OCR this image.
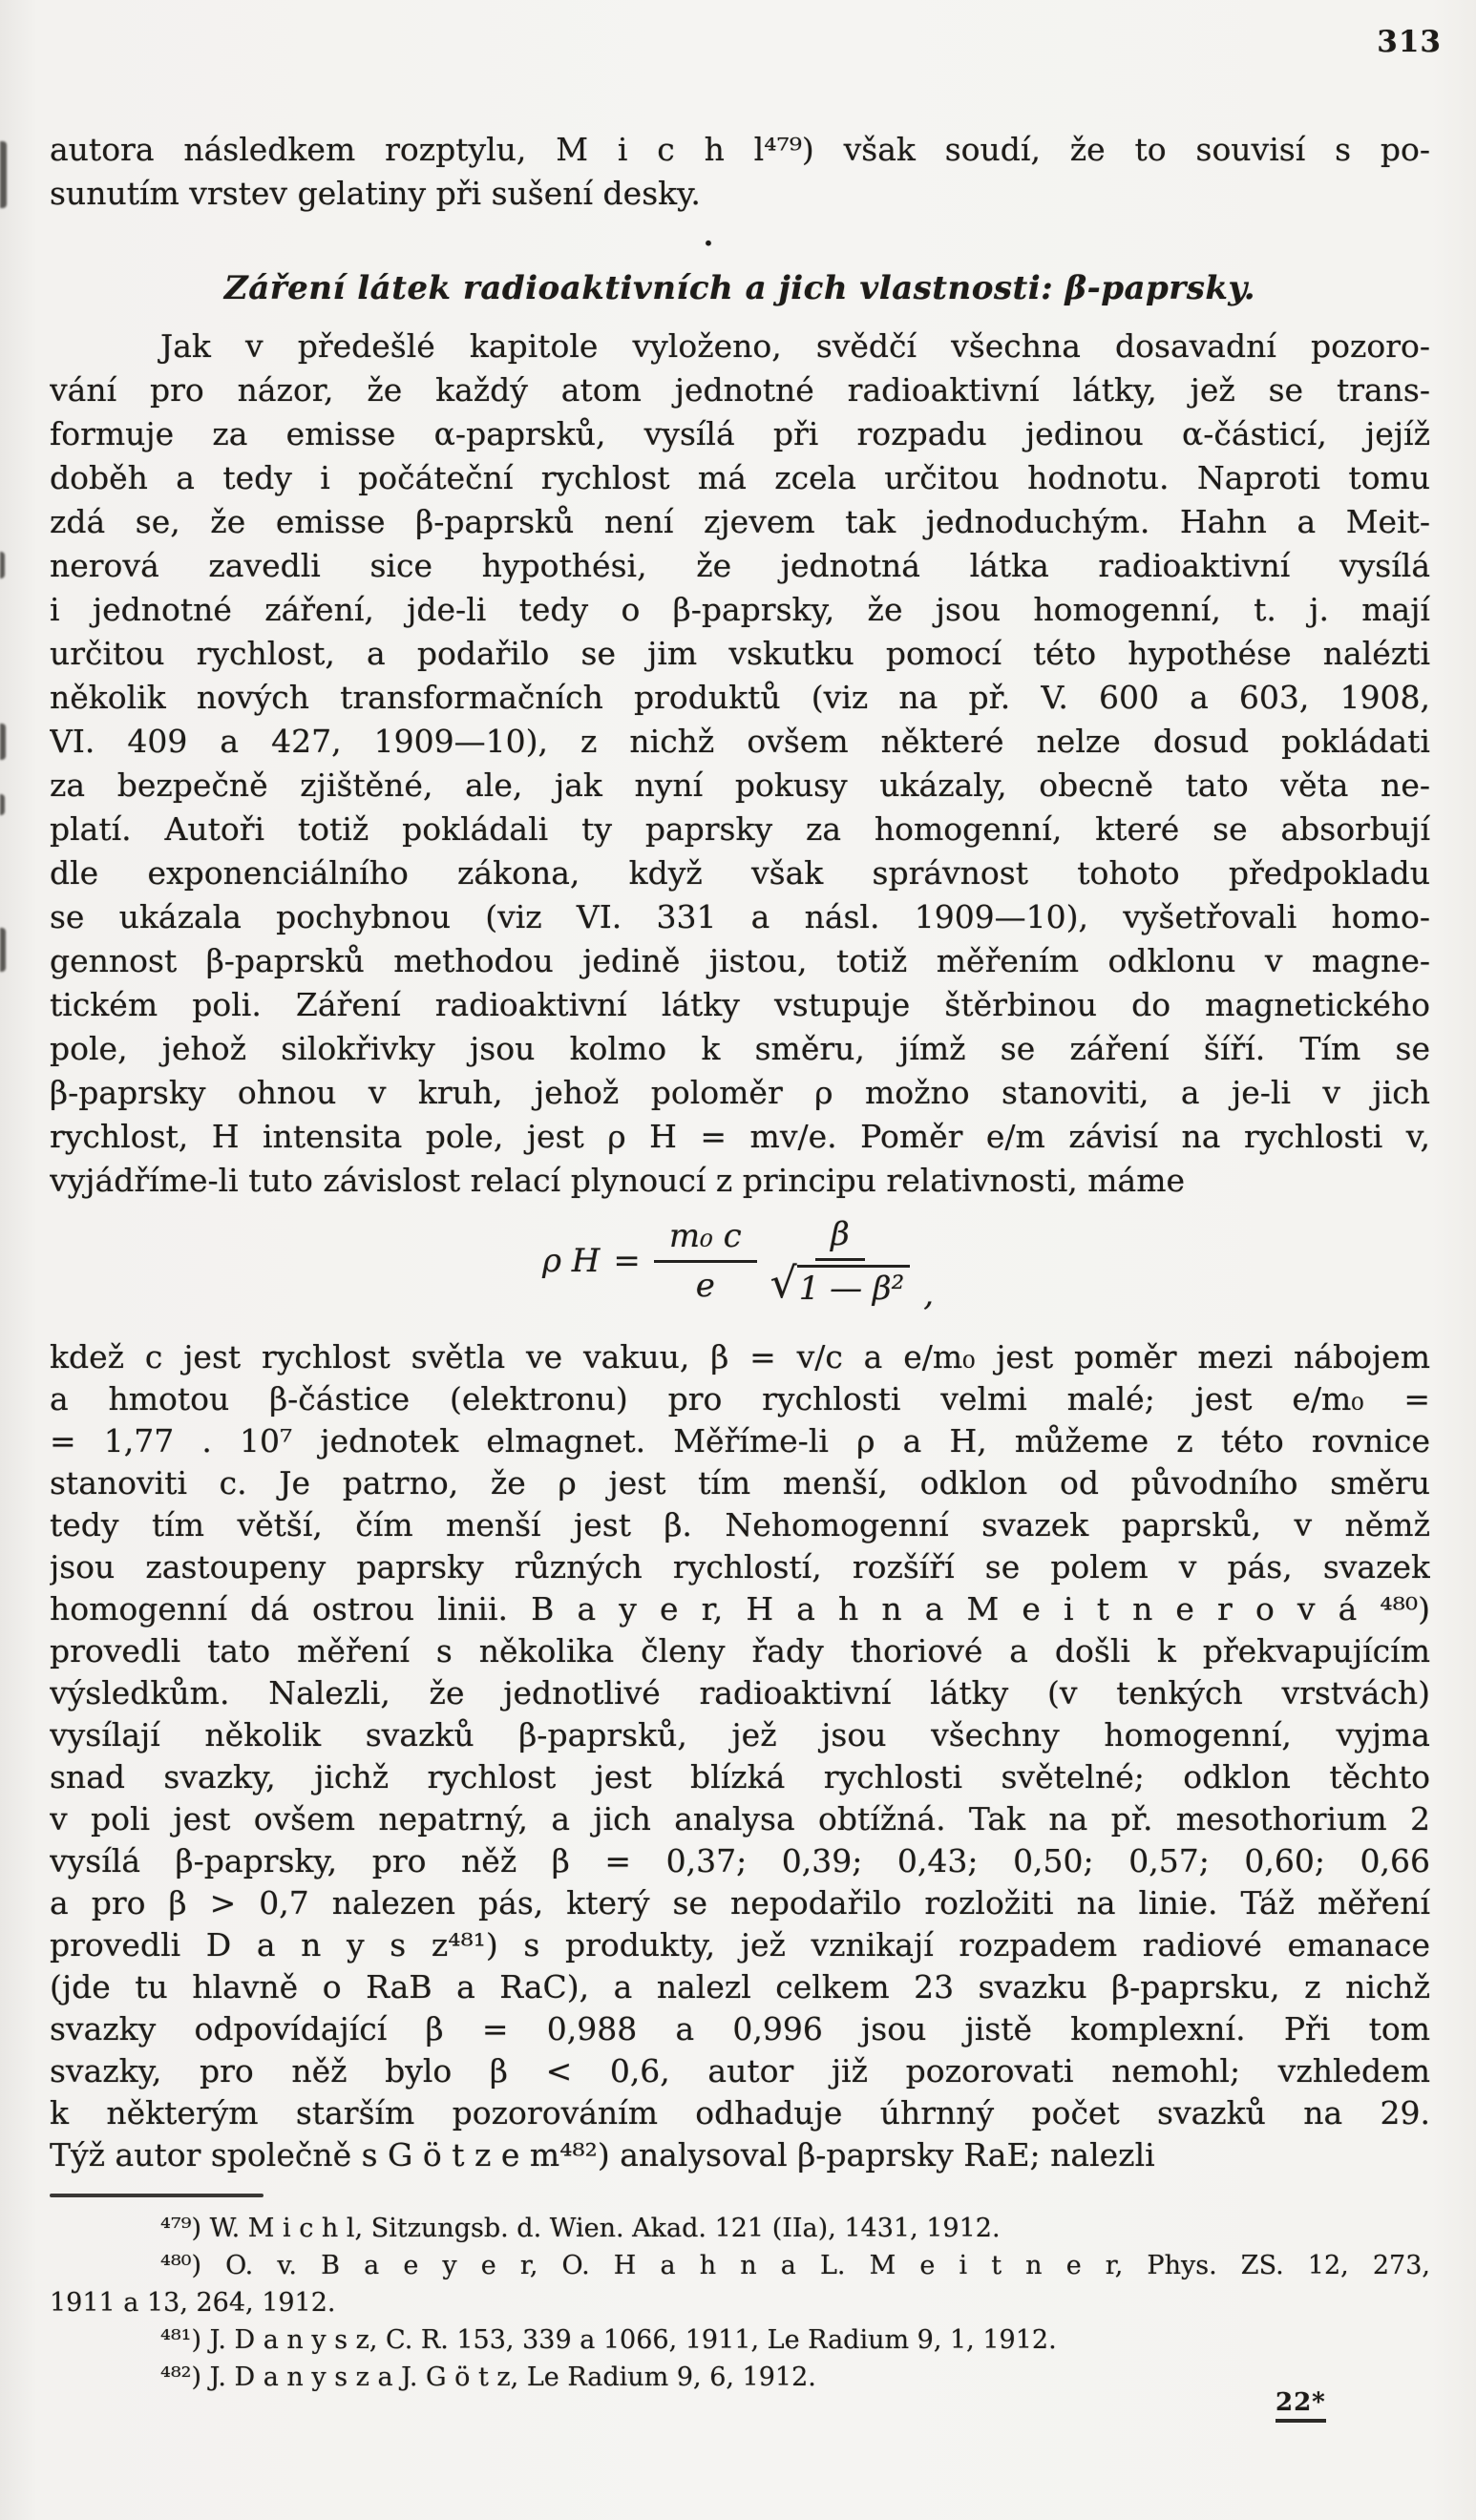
313
autora následkem rozptylu, M i c h l⁴⁷⁹) však soudí, že to souvisí s po-
sunutím vrstev gelatiny při sušení desky.
.
Záření látek radioaktivních a jich vlastnosti: β-paprsky.
Jak v předešlé kapitole vyloženo, svědčí všechna dosavadní pozoro-
vání pro názor, že každý atom jednotné radioaktivní látky, jež se trans-
formuje za emisse α-paprsků, vysílá při rozpadu jedinou α-částicí, jejíž
doběh a tedy i počáteční rychlost má zcela určitou hodnotu. Naproti tomu
zdá se, že emisse β-paprsků není zjevem tak jednoduchým. Hahn a Meit-
nerová zavedli sice hypothési, že jednotná látka radioaktivní vysílá
i jednotné záření, jde-li tedy o β-paprsky, že jsou homogenní, t. j. mají
určitou rychlost, a podařilo se jim vskutku pomocí této hypothése nalézti
několik nových transformačních produktů (viz na př. V. 600 a 603, 1908,
VI. 409 a 427, 1909—10), z nichž ovšem některé nelze dosud pokládati
za bezpečně zjištěné, ale, jak nyní pokusy ukázaly, obecně tato věta ne-
platí. Autoři totiž pokládali ty paprsky za homogenní, které se absorbují
dle exponenciálního zákona, když však správnost tohoto předpokladu
se ukázala pochybnou (viz VI. 331 a násl. 1909—10), vyšetřovali homo-
gennost β-paprsků methodou jedině jistou, totiž měřením odklonu v magne-
tickém poli. Záření radioaktivní látky vstupuje štěrbinou do magnetického
pole, jehož silokřivky jsou kolmo k směru, jímž se záření šíří. Tím se
β-paprsky ohnou v kruh, jehož poloměr ρ možno stanoviti, a je-li v jich
rychlost, H intensita pole, jest ρ H = mv/e. Poměr e/m závisí na rychlosti v,
vyjádříme-li tuto závislost relací plynoucí z principu relativnosti, máme
ρ $H = \frac{\text{m₀ c}}{e} \frac{\beta}{\text{√ 1 — β²}}$ ,
kdež c jest rychlost světla ve vakuu, β = v/c a e/m₀ jest poměr mezi nábojem
a hmotou β-částice (elektronu) pro rychlosti velmi malé; jest e/m₀ =
= 1,77 . 10⁷ jednotek elmagnet. Měříme-li ρ a H, můžeme z této rovnice
stanoviti c. Je patrno, že ρ jest tím menší, odklon od původního směru
tedy tím větší, čím menší jest β. Nehomogenní svazek paprsků, v němž
jsou zastoupeny paprsky různých rychlostí, rozšíří se polem v pás, svazek
homogenní dá ostrou linii. B a y e r, H a h n a M e i t n e r o v á ⁴⁸⁰)
provedli tato měření s několika členy řady thoriové a došli k překvapujícím
výsledkům. Nalezli, že jednotlivé radioaktivní látky (v tenkých vrstvách)
vysílají několik svazků β-paprsků, jež jsou všechny homogenní, vyjma
snad svazky, jichž rychlost jest blízká rychlosti světelné; odklon těchto
v poli jest ovšem nepatrný, a jich analysa obtížná. Tak na př. mesothorium 2
vysílá β-paprsky, pro něž β = 0,37; 0,39; 0,43; 0,50; 0,57; 0,60; 0,66
a pro β > 0,7 nalezen pás, který se nepodařilo rozložiti na linie. Táž měření
provedli D a n y s z⁴⁸¹) s produkty, jež vznikají rozpadem radiové emanace
(jde tu hlavně o RaB a RaC), a nalezl celkem 23 svazku β-paprsku, z nichž
svazky odpovídající β = 0,988 a 0,996 jsou jistě komplexní. Při tom
svazky, pro něž bylo β < 0,6, autor již pozorovati nemohl; vzhledem
k některým starším pozorováním odhaduje úhrnný počet svazků na 29.
Týž autor společně s G ö t z e m⁴⁸²) analysoval β-paprsky RaE; nalezli
⁴⁷⁹) W. M i c h l, Sitzungsb. d. Wien. Akad. 121 (IIa), 1431, 1912.
⁴⁸⁰) O. v. B a e y e r, O. H a h n a L. M e i t n e r, Phys. ZS. 12, 273,
1911 a 13, 264, 1912.
⁴⁸¹) J. D a n y s z, C. R. 153, 339 a 1066, 1911, Le Radium 9, 1, 1912.
⁴⁸²) J. D a n y s z a J. G ö t z, Le Radium 9, 6, 1912.
22*
